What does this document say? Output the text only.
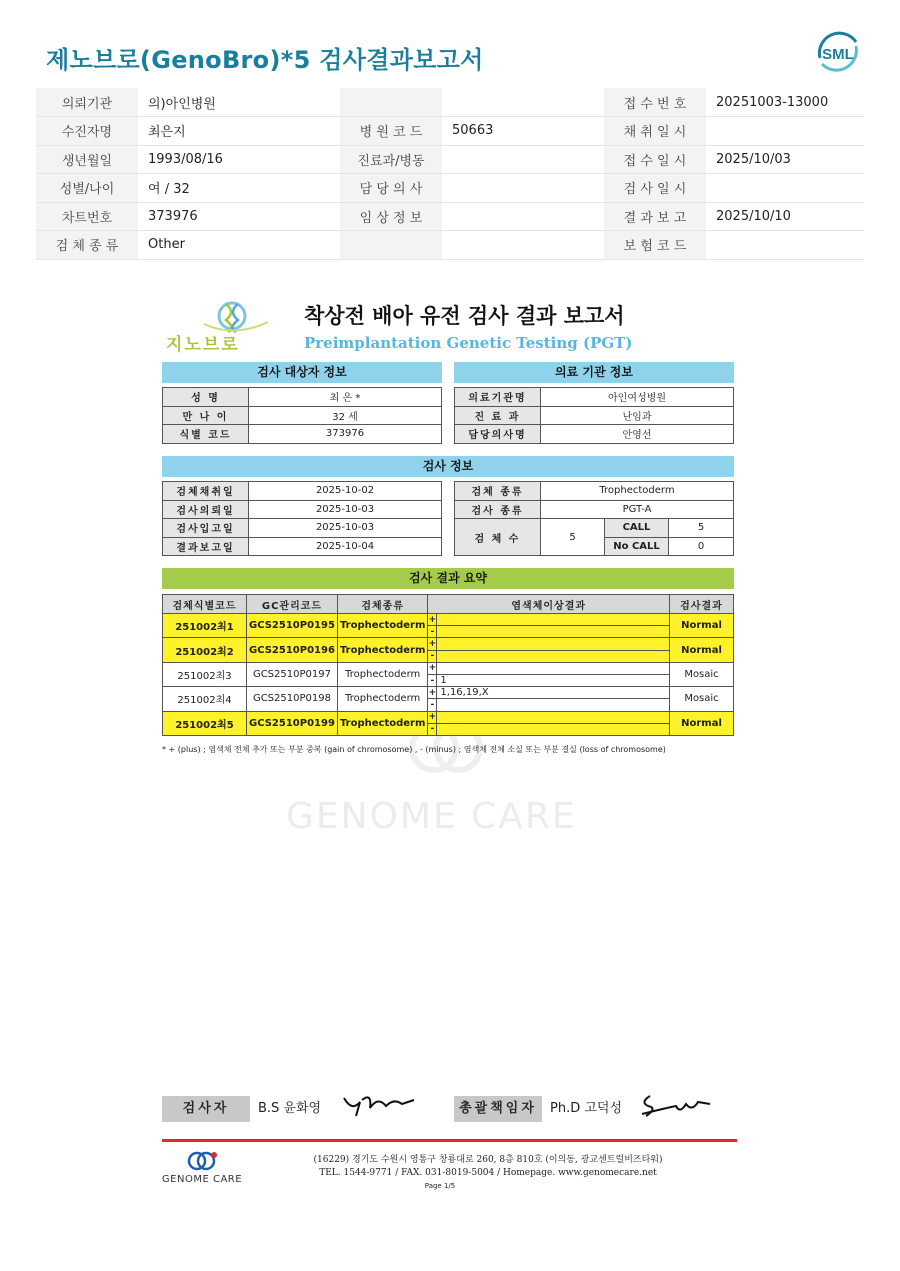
제노브로(GenoBro)*5 검사결과보고서	SML
의뢰기관	의)아인병원			접 수 번 호	20251003-13000
수진자명	최은지	병 원 코 드	50663	채 취 일 시	
생년월일	1993/08/16	진료과/병동		접 수 일 시	2025/10/03
성별/나이	여 / 32	담 당 의 사		검 사 일 시	
차트번호	373976	임 상 정 보		결 과 보 고	2025/10/10
검 체 종 류	Other			보 험 코 드	
지노브로
착상전 배아 유전 검사 결과 보고서
Preimplantation Genetic Testing (PGT)
검사 대상자 정보	의료 기관 정보
성 명	최 은 *
만 나 이	32 세
식별 코드	373976
의료기관명	아인여성병원
진 료 과	난임과
담당의사명	안영선
검사 정보
검체채취일	2025-10-02
검사의뢰일	2025-10-03
검사입고일	2025-10-03
결과보고일	2025-10-04
검체 종류	Trophectoderm		
검사 종류	PGT-A		
검 체 수	5	CALL	5
		No CALL	0
검사 결과 요약
검체식별코드	GC관리코드	검체종류	염색체이상결과		검사결과
251002최1	GCS2510P0195	Trophectoderm	+		Normal
			-		
251002최2	GCS2510P0196	Trophectoderm	+		Normal
			-		
251002최3	GCS2510P0197	Trophectoderm	+		Mosaic
			-	1	
251002최4	GCS2510P0198	Trophectoderm	+	1,16,19,X	Mosaic
			-		
251002최5	GCS2510P0199	Trophectoderm	+		Normal
			-		
* + (plus) ; 염색체 전체 추가 또는 부분 중복 (gain of chromosome) , - (minus) ; 염색체 전체 소실 또는 부분 결실 (loss of chromosome)
GENOME CARE
검사자	B.S 윤화영	총괄책임자	Ph.D 고덕성
GENOME CARE
(16229) 경기도 수원시 영통구 창룡대로 260, 8층 810호 (이의동, 광교센트럴비즈타워)
TEL. 1544-9771 / FAX. 031-8019-5004 / Homepage. www.genomecare.net
Page 1/5
